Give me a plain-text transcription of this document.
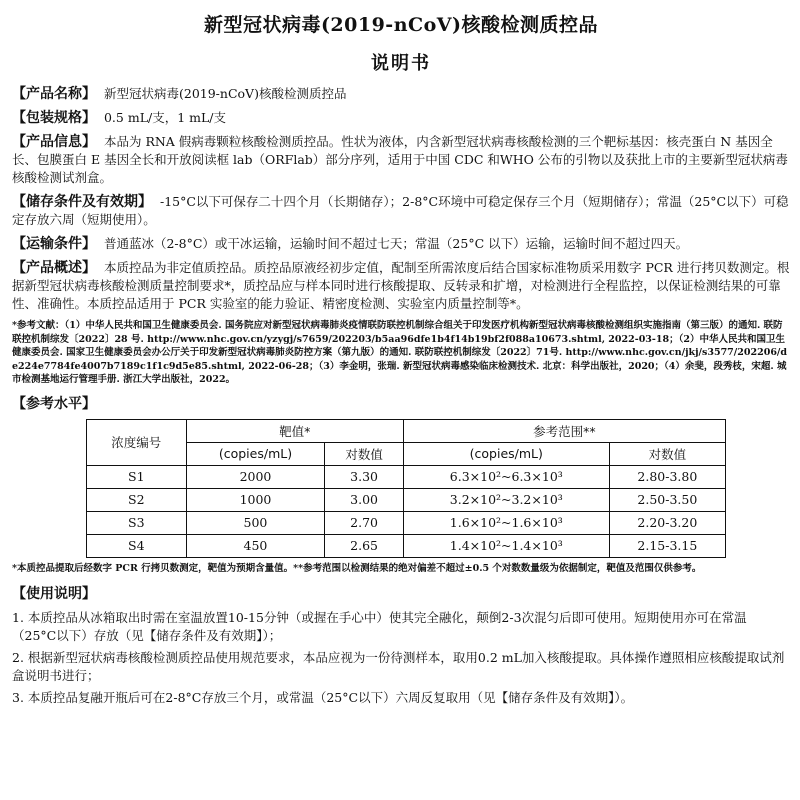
新型冠状病毒(2019-nCoV)核酸检测质控品
说明书
【产品名称】 新型冠状病毒(2019-nCoV)核酸检测质控品
【包装规格】 0.5 mL/支，1 mL/支
【产品信息】 本品为 RNA 假病毒颗粒核酸检测质控品。性状为液体，内含新型冠状病毒核酸检测的三个靶标基因：核壳蛋白 N 基因全长、包膜蛋白 E 基因全长和开放阅读框 lab（ORFlab）部分序列，适用于中国 CDC 和WHO 公布的引物以及获批上市的主要新型冠状病毒核酸检测试剂盒。
【储存条件及有效期】 -15°C以下可保存二十四个月（长期储存）；2-8°C环境中可稳定保存三个月（短期储存）；常温（25°C以下）可稳定存放六周（短期使用）。
【运输条件】 普通蓝冰（2-8°C）或干冰运输，运输时间不超过七天；常温（25°C 以下）运输，运输时间不超过四天。
【产品概述】 本质控品为非定值质控品。质控品原液经初步定值，配制至所需浓度后结合国家标准物质采用数字 PCR 进行拷贝数测定。根据新型冠状病毒核酸检测质量控制要求*，质控品应与样本同时进行核酸提取、反转录和扩增，对检测进行全程监控，以保证检测结果的可靠性、准确性。本质控品适用于 PCR 实验室的能力验证、精密度检测、实验室内质量控制等*。
*参考文献：（1）中华人民共和国卫生健康委员会. 国务院应对新型冠状病毒肺炎疫情联防联控机制综合组关于印发医疗机构新型冠状病毒核酸检测组织实施指南（第三版）的通知. 联防联控机制综发〔2022〕28 号. http://www.nhc.gov.cn/yzygj/s7659/202203/b5aa96dfe1b4f14b19bf2f088a10673.shtml, 2022-03-18；（2）中华人民共和国卫生健康委员会. 国家卫生健康委员会办公厅关于印发新型冠状病毒肺炎防控方案（第九版）的通知. 联防联控机制综发〔2022〕71号. http://www.nhc.gov.cn/jkj/s3577/202206/de224e7784fe4007b7189c1f1c9d5e85.shtml, 2022-06-28；（3）李金明，张瑞. 新型冠状病毒感染临床检测技术. 北京：科学出版社，2020；（4）余斐，段秀枝，宋超. 城市检测基地运行管理手册. 浙江大学出版社，2022。
【参考水平】
浓度编号	靶值*		参考范围**	
	(copies/mL)	对数值	(copies/mL)	对数值
S1	2000	3.30	6.3×10²~6.3×10³	2.80-3.80
S2	1000	3.00	3.2×10²~3.2×10³	2.50-3.50
S3	500	2.70	1.6×10²~1.6×10³	2.20-3.20
S4	450	2.65	1.4×10²~1.4×10³	2.15-3.15
*本质控品提取后经数字 PCR 行拷贝数测定，靶值为预期含量值。**参考范围以检测结果的绝对偏差不超过±0.5 个对数数量级为依据制定，靶值及范围仅供参考。
【使用说明】
1. 本质控品从冰箱取出时需在室温放置10-15分钟（或握在手心中）使其完全融化，颠倒2-3次混匀后即可使用。短期使用亦可在常温（25°C以下）存放（见【储存条件及有效期】）；
2. 根据新型冠状病毒核酸检测质控品使用规范要求，本品应视为一份待测样本，取用0.2 mL加入核酸提取。具体操作遵照相应核酸提取试剂盒说明书进行；
3. 本质控品复融开瓶后可在2-8°C存放三个月，或常温（25°C以下）六周反复取用（见【储存条件及有效期】）。
